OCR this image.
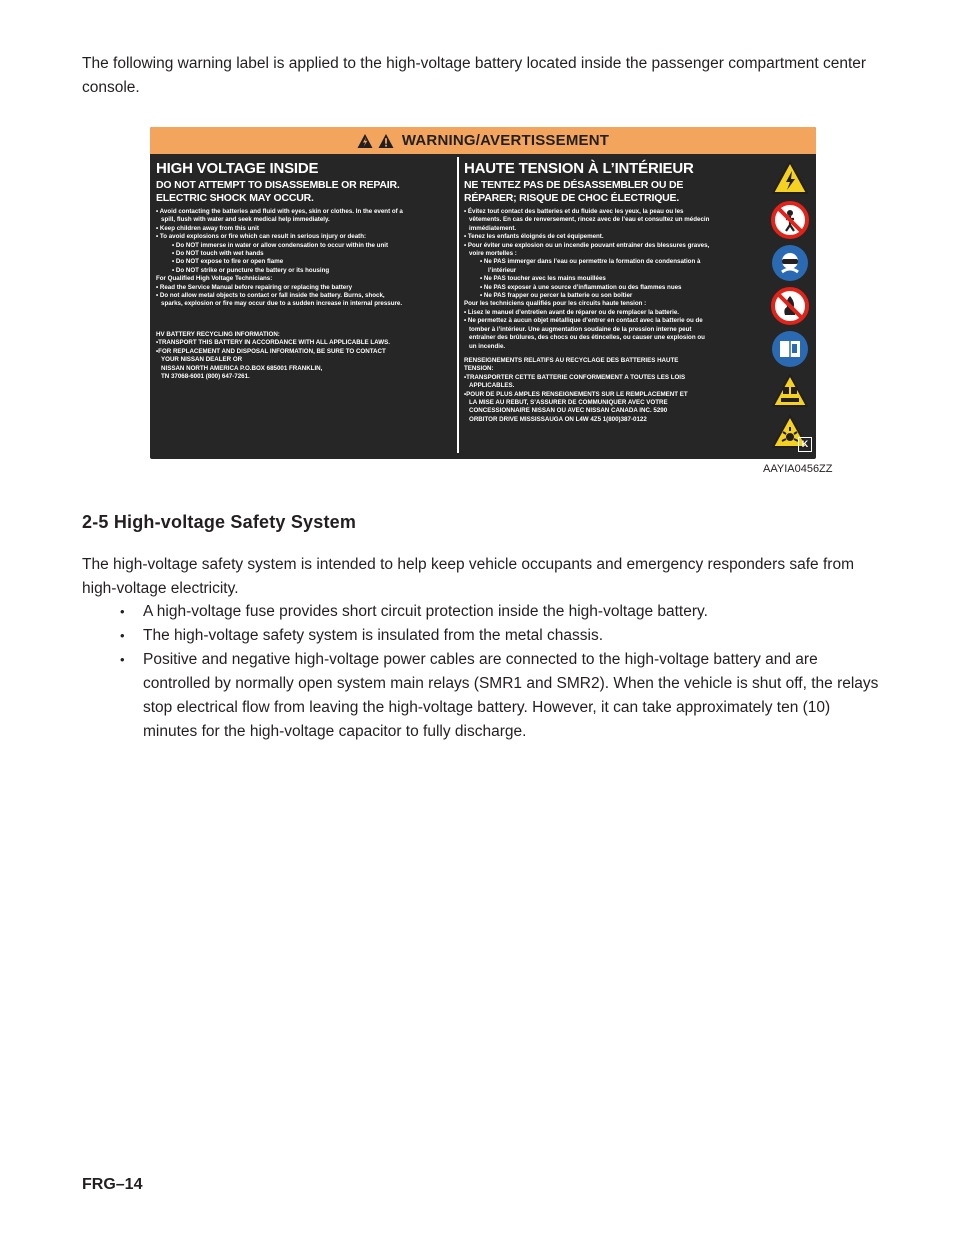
The following warning label is applied to the high-voltage battery located inside the passenger compartment center console.

WARNING/AVERTISSEMENT
HIGH VOLTAGE INSIDE
DO NOT ATTEMPT TO DISASSEMBLE OR REPAIR.
ELECTRIC SHOCK MAY OCCUR.

• Avoid contacting the batteries and fluid with eyes, skin or clothes. In the event of a

spill, flush with water and seek medical help immediately.

• Keep children away from this unit

• To avoid explosions or fire which can result in serious injury or death:

• Do NOT immerse in water or allow condensation to occur within the unit

• Do NOT touch with wet hands

• Do NOT expose to fire or open flame

• Do NOT strike or puncture the battery or its housing

For Qualified High Voltage Technicians:

• Read the Service Manual before repairing or replacing the battery

• Do not allow metal objects to contact or fall inside the battery. Burns, shock,

sparks, explosion or fire may occur due to a sudden increase in internal pressure.

HV BATTERY RECYCLING INFORMATION:

•TRANSPORT THIS BATTERY IN ACCORDANCE WITH ALL APPLICABLE LAWS.

•FOR REPLACEMENT AND DISPOSAL INFORMATION, BE SURE TO CONTACT

YOUR NISSAN DEALER OR

NISSAN NORTH AMERICA P.O.BOX 685001 FRANKLIN,

TN 37068-6001 (800) 647-7261.

HAUTE TENSION À L’INTÉRIEUR
NE TENTEZ PAS DE DÉSASSEMBLER OU DE
RÉPARER; RISQUE DE CHOC ÉLECTRIQUE.

• Évitez tout contact des batteries et du fluide avec les yeux, la peau ou les

vêtements. En cas de renversement, rincez avec de l’eau et consultez un médecin

immédiatement.

• Tenez les enfants éloignés de cet équipement.

• Pour éviter une explosion ou un incendie pouvant entraîner des blessures graves,

voire mortelles :

• Ne PAS immerger dans l’eau ou permettre la formation de condensation à

l’intérieur

• Ne PAS toucher avec les mains mouillées

• Ne PAS exposer à une source d’inflammation ou des flammes nues

• Ne PAS frapper ou percer la batterie ou son boîtier

Pour les techniciens qualifiés pour les circuits haute tension :

• Lisez le manuel d’entretien avant de réparer ou de remplacer la batterie.

• Ne permettez à aucun objet métallique d’entrer en contact avec la batterie ou de

tomber à l’intérieur. Une augmentation soudaine de la pression interne peut

entraîner des brûlures, des chocs ou des étincelles, ou causer une explosion ou

un incendie.

RENSEIGNEMENTS RELATIFS AU RECYCLAGE DES BATTERIES HAUTE

TENSION:

•TRANSPORTER CETTE BATTERIE CONFORMEMENT A TOUTES LES LOIS

APPLICABLES.

•POUR DE PLUS AMPLES RENSEIGNEMENTS SUR LE REMPLACEMENT ET

LA MISE AU REBUT, S’ASSURER DE COMMUNIQUER AVEC VOTRE

CONCESSIONNAIRE NISSAN OU AVEC NISSAN CANADA INC. 5290

ORBITOR DRIVE MISSISSAUGA ON L4W 4Z5 1(800)387-0122

K
AAYIA0456ZZ
2-5 High-voltage Safety System

The high-voltage safety system is intended to help keep vehicle occupants and emergency responders safe from high-voltage electricity.

• A high-voltage fuse provides short circuit protection inside the high-voltage battery.
• The high-voltage safety system is insulated from the metal chassis.
• Positive and negative high-voltage power cables are connected to the high-voltage battery and are controlled by normally open system main relays (SMR1 and SMR2). When the vehicle is shut off, the relays stop electrical flow from leaving the high-voltage battery. However, it can take approximately ten (10) minutes for the high-voltage capacitor to fully discharge.
FRG–14
